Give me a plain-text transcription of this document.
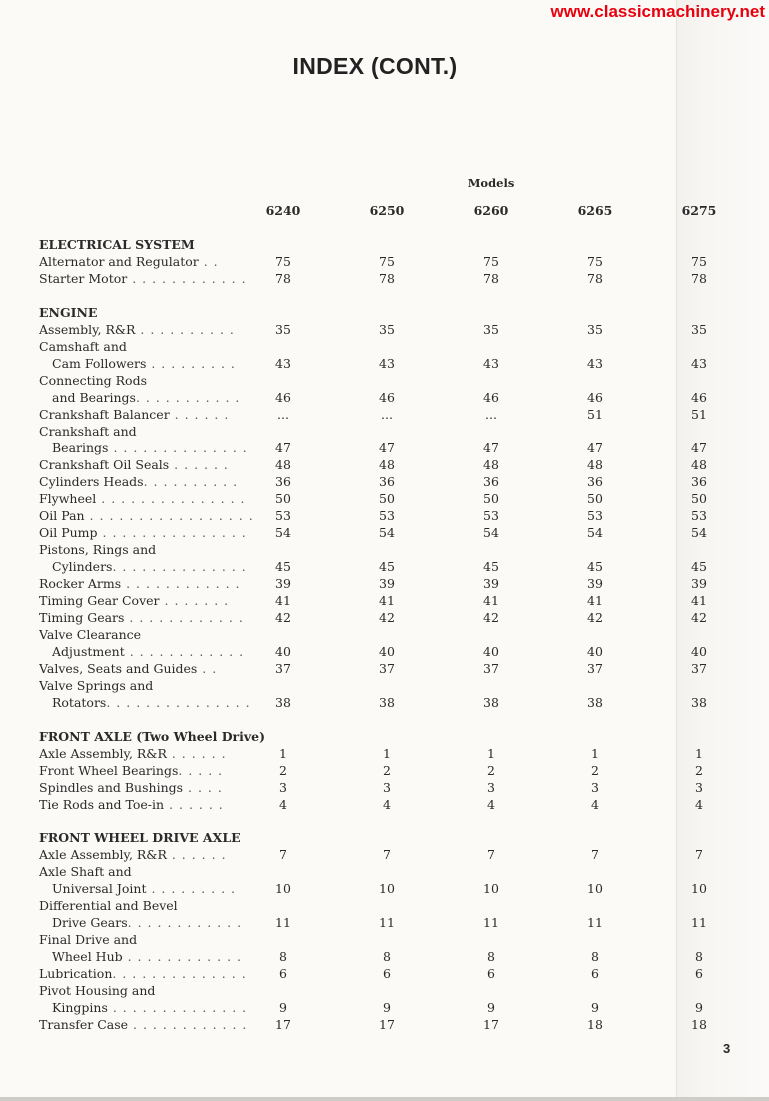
www.classicmachinery.net
INDEX (CONT.)
Models
6240	6250	6260	6265	6275
ELECTRICAL SYSTEM
Alternator and Regulator . .	75	75	75	75	75
Starter Motor . . . . . . . . . . . .	78	78	78	78	78
ENGINE
Assembly, R&R . . . . . . . . . .	35	35	35	35	35
Camshaft and
Cam Followers . . . . . . . . .	43	43	43	43	43
Connecting Rods
and Bearings. . . . . . . . . . .	46	46	46	46	46
Crankshaft Balancer . . . . . .	...	...	...	51	51
Crankshaft and
Bearings . . . . . . . . . . . . . .	47	47	47	47	47
Crankshaft Oil Seals . . . . . .	48	48	48	48	48
Cylinders Heads. . . . . . . . . .	36	36	36	36	36
Flywheel . . . . . . . . . . . . . . .	50	50	50	50	50
Oil Pan . . . . . . . . . . . . . . . . .	53	53	53	53	53
Oil Pump . . . . . . . . . . . . . . .	54	54	54	54	54
Pistons, Rings and
Cylinders. . . . . . . . . . . . . .	45	45	45	45	45
Rocker Arms . . . . . . . . . . . .	39	39	39	39	39
Timing Gear Cover . . . . . . .	41	41	41	41	41
Timing Gears . . . . . . . . . . . .	42	42	42	42	42
Valve Clearance
Adjustment . . . . . . . . . . . .	40	40	40	40	40
Valves, Seats and Guides . .	37	37	37	37	37
Valve Springs and
Rotators. . . . . . . . . . . . . . .	38	38	38	38	38
FRONT AXLE (Two Wheel Drive)
Axle Assembly, R&R . . . . . .	1	1	1	1	1
Front Wheel Bearings. . . . .	2	2	2	2	2
Spindles and Bushings . . . .	3	3	3	3	3
Tie Rods and Toe-in . . . . . .	4	4	4	4	4
FRONT WHEEL DRIVE AXLE
Axle Assembly, R&R . . . . . .	7	7	7	7	7
Axle Shaft and
Universal Joint . . . . . . . . .	10	10	10	10	10
Differential and Bevel
Drive Gears. . . . . . . . . . . .	11	11	11	11	11
Final Drive and
Wheel Hub . . . . . . . . . . . .	8	8	8	8	8
Lubrication. . . . . . . . . . . . . .	6	6	6	6	6
Pivot Housing and
Kingpins . . . . . . . . . . . . . .	9	9	9	9	9
Transfer Case . . . . . . . . . . . .	17	17	17	18	18
3
